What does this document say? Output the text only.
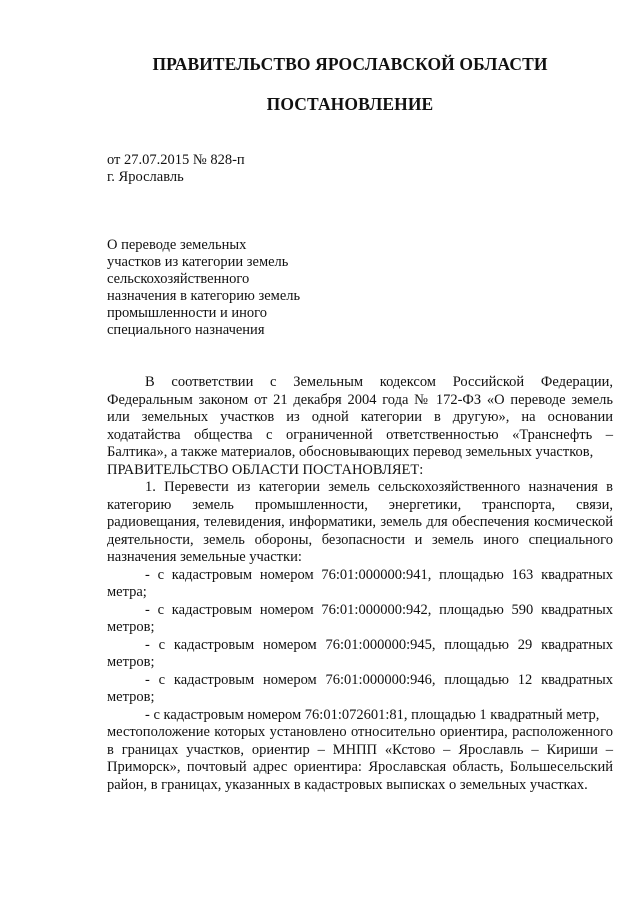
ПРАВИТЕЛЬСТВО ЯРОСЛАВСКОЙ ОБЛАСТИ
ПОСТАНОВЛЕНИЕ
от 27.07.2015 № 828-п
г. Ярославль
О переводе земельных
участков из категории земель
сельскохозяйственного
назначения в категорию земель
промышленности и иного
специального назначения

В соответствии с Земельным кодексом Российской Федерации, Федеральным законом от 21 декабря 2004 года № 172-ФЗ «О переводе земель или земельных участков из одной категории в другую», на основании ходатайства общества с ограниченной ответственностью «Транснефть – Балтика», а также материалов, обосновывающих перевод земельных участков,

ПРАВИТЕЛЬСТВО ОБЛАСТИ ПОСТАНОВЛЯЕТ:

1. Перевести из категории земель сельскохозяйственного назначения в категорию земель промышленности, энергетики, транспорта, связи, радиовещания, телевидения, информатики, земель для обеспечения космической деятельности, земель обороны, безопасности и земель иного специального назначения земельные участки:

- с кадастровым номером 76:01:000000:941, площадью 163 квадратных метра;

- с кадастровым номером 76:01:000000:942, площадью 590 квадратных метров;

- с кадастровым номером 76:01:000000:945, площадью 29 квадратных метров;

- с кадастровым номером 76:01:000000:946, площадью 12 квадратных метров;

- с кадастровым номером 76:01:072601:81, площадью 1 квадратный метр,

местоположение которых установлено относительно ориентира, расположенного в границах участков, ориентир – МНПП «Кстово – Ярославль – Кириши – Приморск», почтовый адрес ориентира: Ярославская область, Большесельский район, в границах, указанных в кадастровых выписках о земельных участках.
